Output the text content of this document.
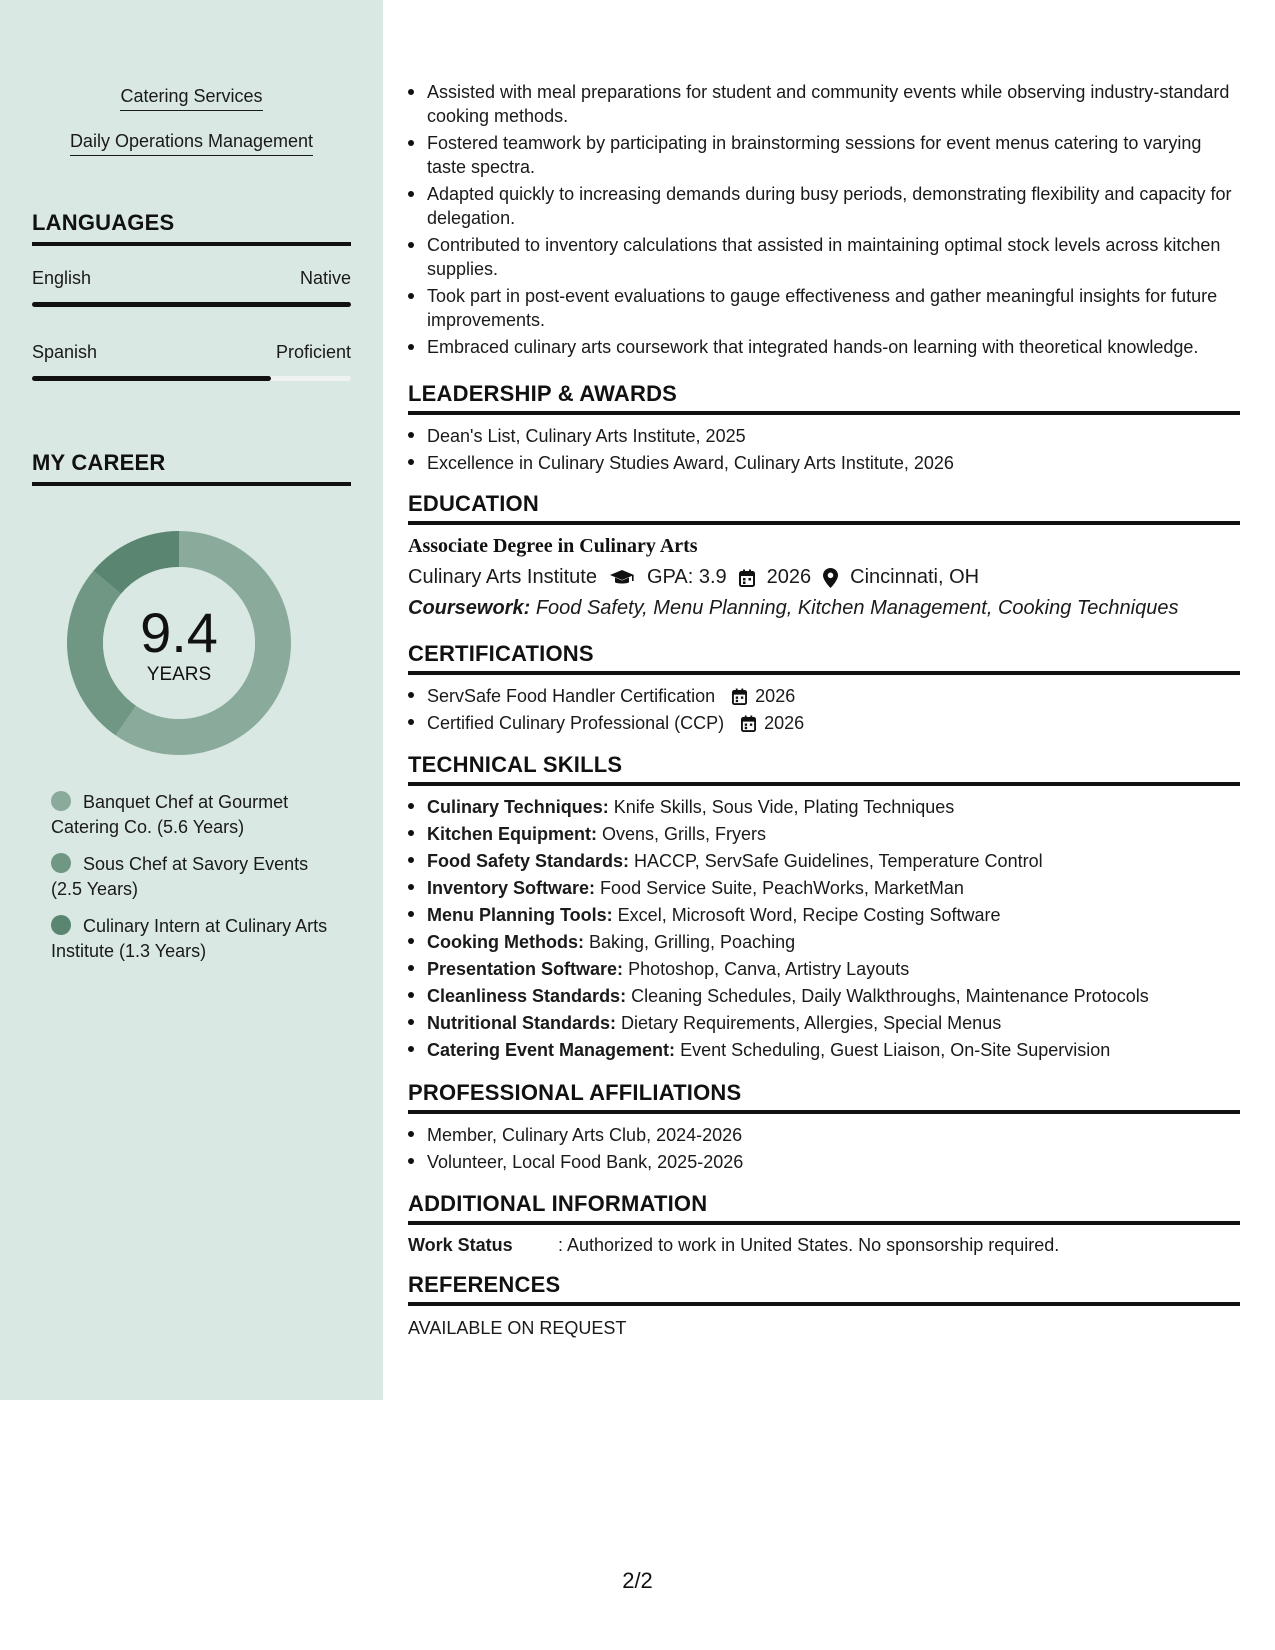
Catering Services
Daily Operations Management
LANGUAGES
English	Native
Spanish	Proficient
MY CAREER
9.4
YEARS
Banquet Chef at Gourmet Catering Co. (5.6 Years)
Sous Chef at Savory Events (2.5 Years)
Culinary Intern at Culinary Arts Institute (1.3 Years)
Assisted with meal preparations for student and community events while observing industry-standard cooking methods.
Fostered teamwork by participating in brainstorming sessions for event menus catering to varying taste spectra.
Adapted quickly to increasing demands during busy periods, demonstrating flexibility and capacity for delegation.
Contributed to inventory calculations that assisted in maintaining optimal stock levels across kitchen supplies.
Took part in post-event evaluations to gauge effectiveness and gather meaningful insights for future improvements.
Embraced culinary arts coursework that integrated hands-on learning with theoretical knowledge.
LEADERSHIP & AWARDS
Dean's List, Culinary Arts Institute, 2025
Excellence in Culinary Studies Award, Culinary Arts Institute, 2026
EDUCATION
Associate Degree in Culinary Arts
Culinary Arts Institute	GPA: 3.9 2026 Cincinnati, OH
Coursework: Food Safety, Menu Planning, Kitchen Management, Cooking Techniques
CERTIFICATIONS
ServSafe Food Handler Certification 2026
Certified Culinary Professional (CCP) 2026
TECHNICAL SKILLS
Culinary Techniques: Knife Skills, Sous Vide, Plating Techniques
Kitchen Equipment: Ovens, Grills, Fryers
Food Safety Standards: HACCP, ServSafe Guidelines, Temperature Control
Inventory Software: Food Service Suite, PeachWorks, MarketMan
Menu Planning Tools: Excel, Microsoft Word, Recipe Costing Software
Cooking Methods: Baking, Grilling, Poaching
Presentation Software: Photoshop, Canva, Artistry Layouts
Cleanliness Standards: Cleaning Schedules, Daily Walkthroughs, Maintenance Protocols
Nutritional Standards: Dietary Requirements, Allergies, Special Menus
Catering Event Management: Event Scheduling, Guest Liaison, On-Site Supervision
PROFESSIONAL AFFILIATIONS
Member, Culinary Arts Club, 2024-2026
Volunteer, Local Food Bank, 2025-2026
ADDITIONAL INFORMATION
Work Status	: Authorized to work in United States. No sponsorship required.
REFERENCES
AVAILABLE ON REQUEST
2/2
